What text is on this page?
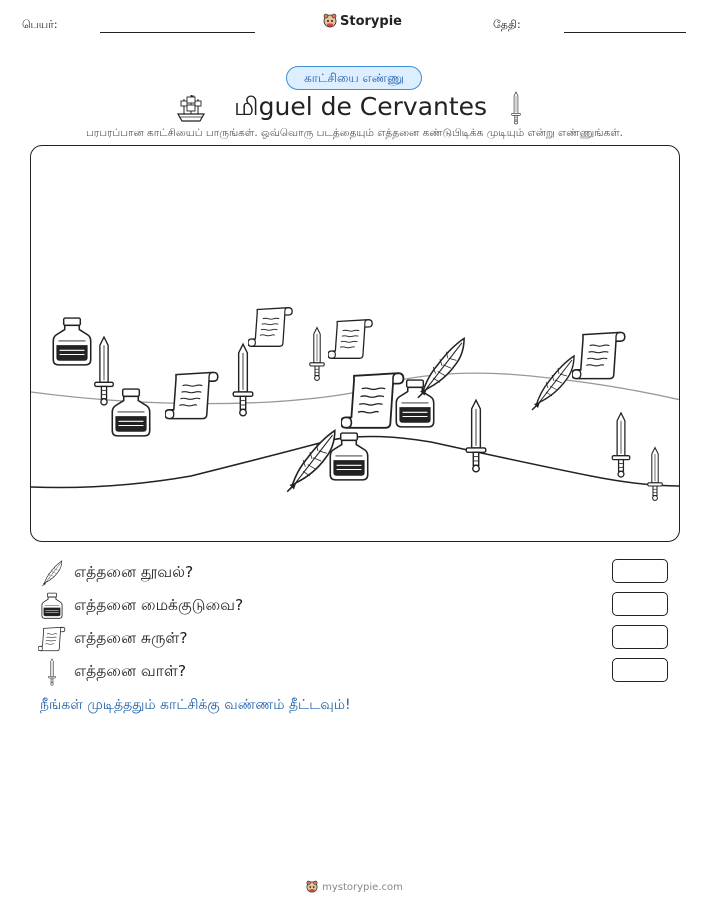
பெயர்:	Storypie	தேதி:
காட்சியை எண்ணு
மிguel de Cervantes
பரபரப்பான காட்சியைப் பாருங்கள். ஒவ்வொரு படத்தையும் எத்தனை கண்டுபிடிக்க முடியும் என்று எண்ணுங்கள்.
எத்தனை தூவல்?
எத்தனை மைக்குடுவை?
எத்தனை சுருள்?
எத்தனை வாள்?
நீங்கள் முடித்ததும் காட்சிக்கு வண்ணம் தீட்டவும்!
mystorypie.com
